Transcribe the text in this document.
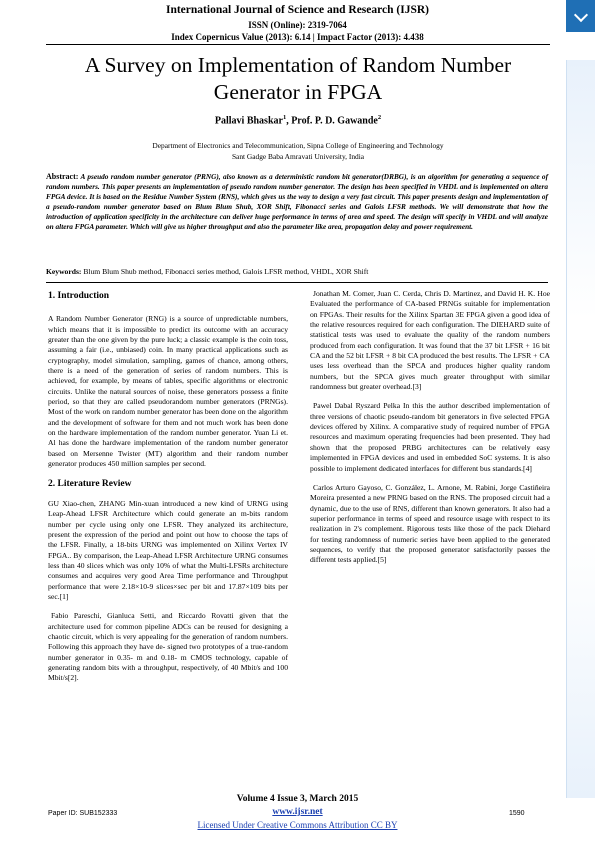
International Journal of Science and Research (IJSR)
ISSN (Online): 2319-7064
Index Copernicus Value (2013): 6.14 | Impact Factor (2013): 4.438
A Survey on Implementation of Random Number Generator in FPGA
Pallavi Bhaskar$^1$, Prof. P. D. Gawande$^2$
Department of Electronics and Telecommunication, Sipna College of Engineering and Technology
Sant Gadge Baba Amravati University, India
Abstract: A pseudo random number generator (PRNG), also known as a deterministic random bit generator(DRBG), is an algorithm for generating a sequence of random numbers. This paper presents an implementation of pseudo random number generator. The design has been specified in VHDL and is implemented on altera FPGA device. It is based on the Residue Number System (RNS), which gives us the way to design a very fast circuit. This paper presents design and implementation of a pseudo-random number generator based on Blum Blum Shub, XOR Shift, Fibonacci series and Galois LFSR methods. We will demonstrate that how the introduction of application specificity in the architecture can deliver huge performance in terms of area and speed. The design will specify in VHDL and will analyze on altera FPGA parameter. Which will give us higher throughput and also the parameter like area, propagation delay and power requirement.
Keywords: Blum Blum Shub method, Fibonacci series method, Galois LFSR method, VHDL, XOR Shift
1. Introduction

A Random Number Generator (RNG) is a source of unpredictable numbers, which means that it is impossible to predict its outcome with an accuracy greater than the one given by the pure luck; a classic example is the coin toss, assuming a fair (i.e., unbiased) coin. In many practical applications such as cryptography, model simulation, sampling, games of chance, among others, there is a need of the generation of series of random numbers. This is achieved, for example, by means of tables, specific algorithms or electronic circuits. Unlike the natural sources of noise, these generators possess a finite period, so that they are called pseudorandom number generators (PRNGs). Most of the work on random number generator has been done on the algorithm and the development of software for them and not much work has been done on the hardware implementation of the random number generator. Yuan Li et. Al has done the hardware implementation of the random number generator based on Mersenne Twister (MT) algorithm and their random number generator produces 450 million samples per second.

2. Literature Review

GU Xiao-chen, ZHANG Min-xuan introduced a new kind of URNG using Leap-Ahead LFSR Architecture which could generate an m-bits random number per cycle using only one LFSR. They analyzed its architecture, present the expression of the period and point out how to choose the taps of the LFSR. Finally, a 18-bits URNG was implemented on Xilinx Vertex IV FPGA.. By comparison, the Leap-Ahead LFSR Architecture URNG consumes less than 40 slices which was only 10% of what the Multi-LFSRs architecture consumes and acquires very good Area Time performance and Throughput performance that were 2.18×10-9 slices×sec per bit and 17.87×109 bits per sec.[1]

Fabio Pareschi, Gianluca Setti, and Riccardo Rovatti given that the architecture used for common pipeline ADCs can be reused for designing a chaotic circuit, which is very appealing for the generation of random numbers. Following this approach they have de- signed two prototypes of a true-random number generator in 0.35- m and 0.18- m CMOS technology, capable of generating random bits with a throughput, respectively, of 40 Mbit/s and 100 Mbit/s[2].

Jonathan M. Comer, Juan C. Cerda, Chris D. Martinez, and David H. K. Hoe Evaluated the performance of CA-based PRNGs suitable for implementation on FPGAs. Their results for the Xilinx Spartan 3E FPGA given a good idea of the relative resources required for each configuration. The DIEHARD suite of statistical tests was used to evaluate the quality of the random numbers produced from each configuration. It was found that the 37 bit LFSR + 16 bit CA and the 52 bit LFSR + 8 bit CA produced the best results. The LFSR + CA uses less overhead than the SPCA and produces higher quality random numbers, but the SPCA gives much greater throughput with similar randomness but greater overhead.[3]

Pawel Dabal Ryszard Pelka In this the author described implementation of three versions of chaotic pseudo-random bit generators in five selected FPGA devices offered by Xilinx. A comparative study of required number of FPGA resources and maximum operating frequencies had been presented. They had shown that the proposed PRBG architectures can be relatively easy implemented in FPGA devices and used in embedded SoC systems. It is also possible to implement dedicated interfaces for different bus standards.[4]

Carlos Arturo Gayoso, C. González, L. Arnone, M. Rabini, Jorge Castiñeira Moreira presented a new PRNG based on the RNS. The proposed circuit had a dynamic, due to the use of RNS, different than known generators. It also had a superior performance in terms of speed and resource usage with respect to its realization in 2's complement. Rigorous tests like those of the pack Diehard for testing randomness of numeric series have been applied to the generated sequences, to verify that the proposed generator satisfactorily passes the different tests applied.[5]

Volume 4 Issue 3, March 2015
www.ijsr.net
Paper ID: SUB152333	1590
Licensed Under Creative Commons Attribution CC BY
